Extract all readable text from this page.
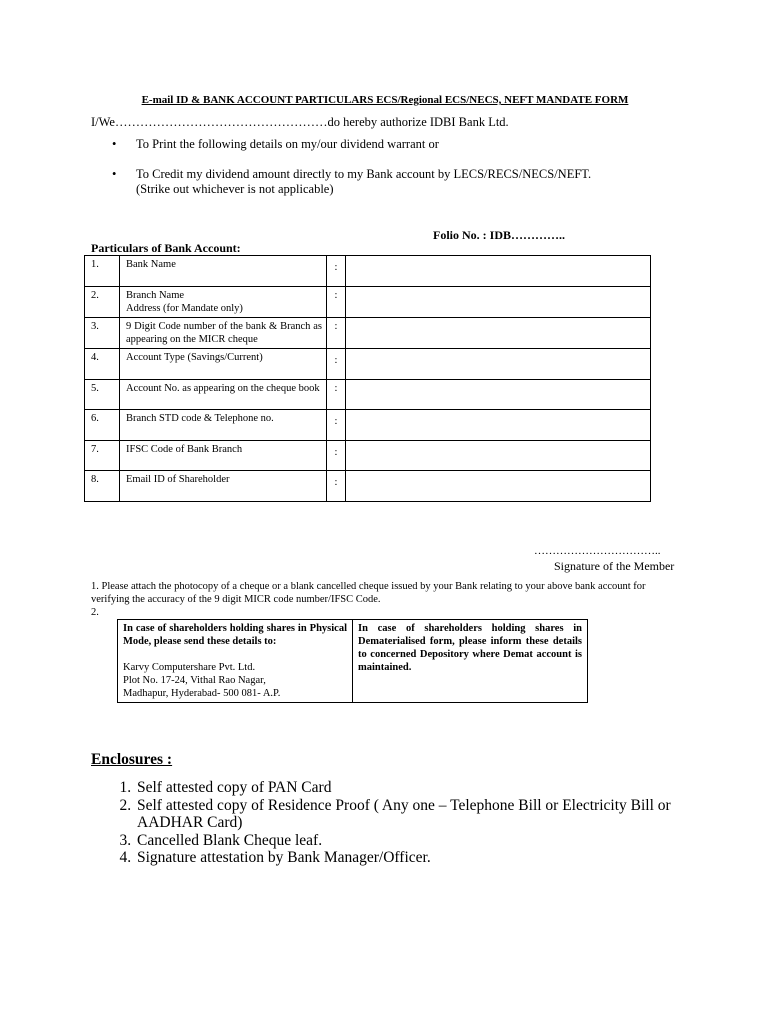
E-mail ID & BANK ACCOUNT PARTICULARS ECS/Regional ECS/NECS, NEFT MANDATE FORM
I/We……………………………………………do hereby authorize IDBI Bank Ltd.
• To Print the following details on my/our dividend warrant or
• To Credit my dividend amount directly to my Bank account by LECS/RECS/NECS/NEFT.
(Strike out whichever is not applicable)
Folio No. : IDB…………..
Particulars of Bank Account:
1.	Bank Name	:	
2.	Branch Name
Address (for Mandate only)	:	
3.	9 Digit Code number of the bank & Branch as appearing on the MICR cheque	:	
4.	Account Type (Savings/Current)	:	
5.	Account No. as appearing on the cheque book	:	
6.	Branch STD code & Telephone no.	:	
7.	IFSC Code of Bank Branch	:	
8.	Email ID of Shareholder	:	
……………………………..
Signature of the Member
1. Please attach the photocopy of a cheque or a blank cancelled cheque issued by your Bank relating to your above bank account for verifying the accuracy of the 9 digit MICR code number/IFSC Code.
2.
In case of shareholders holding shares in Physical Mode, please send these details to:
Karvy Computershare Pvt. Ltd.
Plot No. 17-24, Vithal Rao Nagar,
Madhapur, Hyderabad- 500 081- A.P.

In case of shareholders holding shares in Dematerialised form, please inform these details to concerned Depository where Demat account is maintained.
Enclosures :
1. Self attested copy of PAN Card
2. Self attested copy of Residence Proof ( Any one – Telephone Bill or Electricity Bill or AADHAR Card)
3. Cancelled Blank Cheque leaf.
4. Signature attestation by Bank Manager/Officer.
